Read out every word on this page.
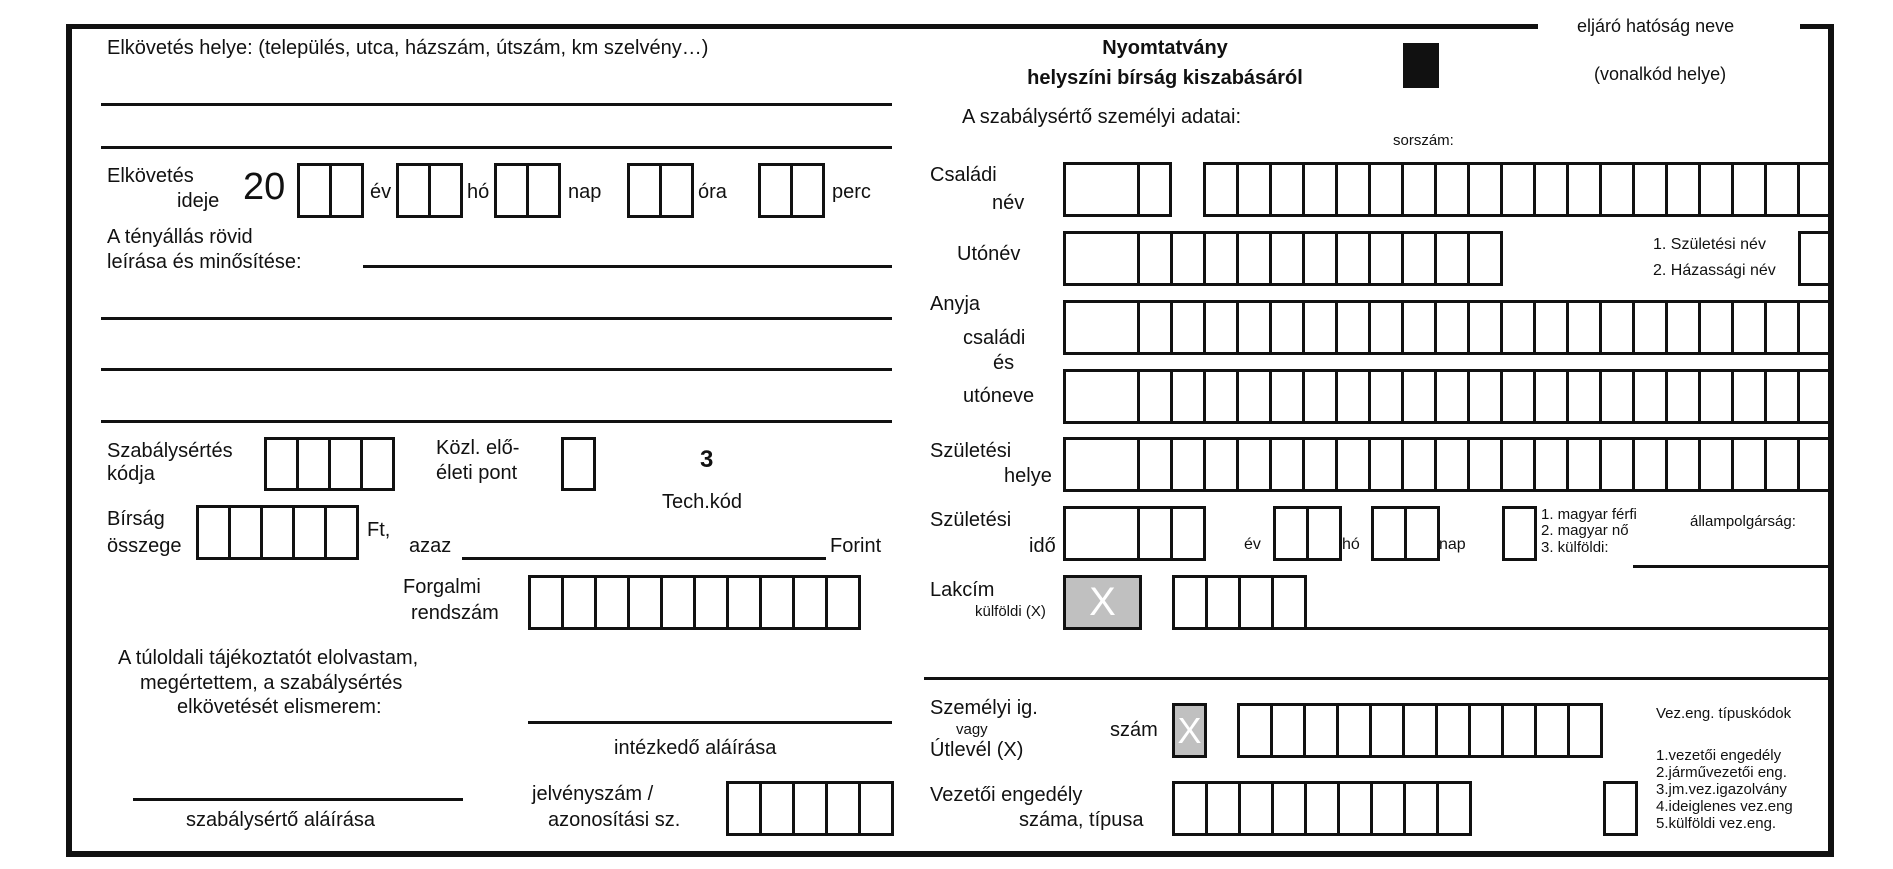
Nyomtatvány
helyszíni bírság kiszabásáról
eljáró hatóság neve
(vonalkód helye)
A szabálysértő személyi adatai:
sorszám:
Elkövetés helye: (település, utca, házszám, útszám, km szelvény…)
Elkövetés
ideje 20	év	hó	nap	óra	perc
A tényállás rövid
leírása és minősítése:
Szabálysértés
kódja
Közl. elő-
életi pont	3
Tech.kód
Bírság
összege
Ft,
azaz	Forint
Forgalmi
rendszám
A túloldali tájékoztatót elolvastam,
megértettem, a szabálysértés
elkövetését elismerem:
intézkedő aláírása
szabálysértő aláírása
jelvényszám /
azonosítási sz.
Családi
név
Utónév	1. Születési név
2. Házassági név
Anyja
családi
és
utóneve
Születési
helye
Születési
idő	év	hó	nap
1. magyar férfi
2. magyar nő
3. külföldi:
állampolgárság:
Lakcím
külföldi (X)	X
Személyi ig.
vagy
Útlevél (X)
szám X
Vezetői engedély
száma, típusa
Vez.eng. típuskódok
1.vezetői engedély
2.járművezetői eng.
3.jm.vez.igazolvány
4.ideiglenes vez.eng
5.külföldi vez.eng.
